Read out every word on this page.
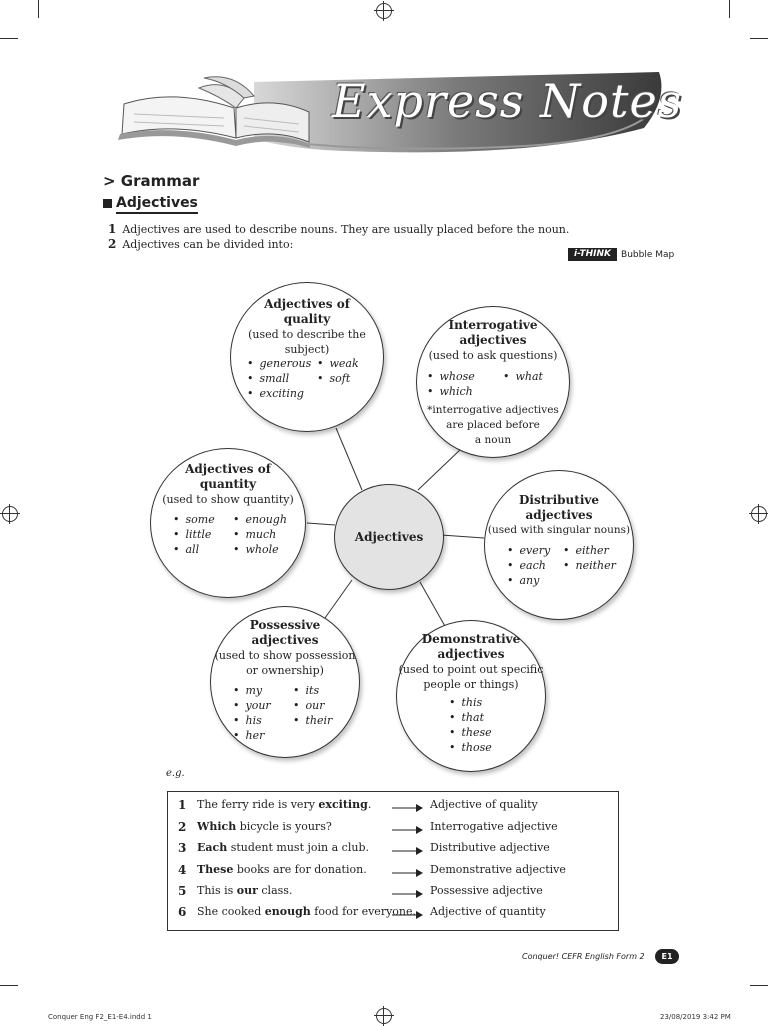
Express Notes
> Grammar
Adjectives
1 Adjectives are used to describe nouns. They are usually placed before the noun.
2 Adjectives can be divided into:
i-THINK	Bubble Map
Adjectives of
quality
(used to describe the
subject)
• generous
• small
• exciting
• weak
• soft
Interrogative
adjectives
(used to ask questions)
• whose
• which
• what
*interrogative adjectives
are placed before
a noun
Adjectives of
quantity
(used to show quantity)
• some
• little
• all
• enough
• much
• whole
Adjectives
Distributive
adjectives
(used with singular nouns)
• every
• each
• any
• either
• neither
Possessive
adjectives
(used to show possession
or ownership)
• my
• your
• his
• her
• its
• our
• their
Demonstrative
adjectives
(used to point out specific
people or things)
• this
• that
• these
• those
e.g.
1 The ferry ride is very exciting.	Adjective of quality
2 Which bicycle is yours?	Interrogative adjective
3 Each student must join a club.	Distributive adjective
4 These books are for donation.	Demonstrative adjective
5 This is our class.	Possessive adjective
6 She cooked enough food for everyone. Adjective of quantity
Conquer! CEFR English Form 2 E1
Conquer Eng F2_E1-E4.indd 1	23/08/2019 3:42 PM
